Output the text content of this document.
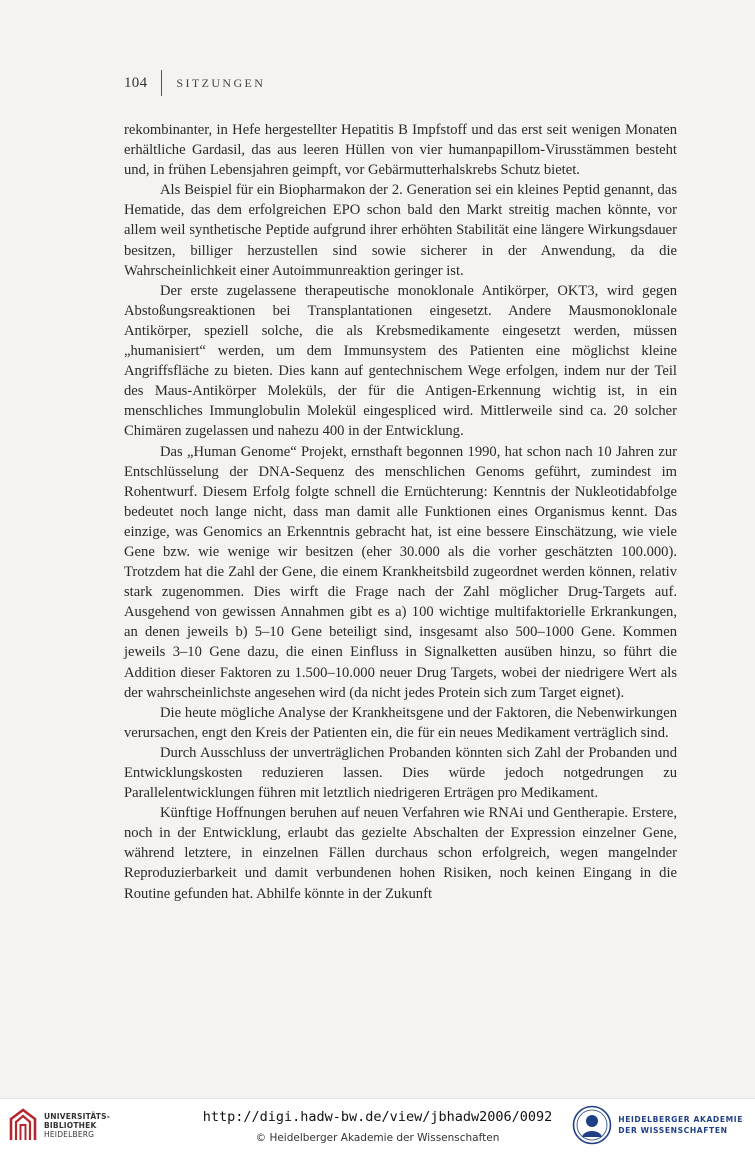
104 SITZUNGEN

rekombinanter, in Hefe hergestellter Hepatitis B Impfstoff und das erst seit wenigen Monaten erhältliche Gardasil, das aus leeren Hüllen von vier humanpapillom-Virusstämmen besteht und, in frühen Lebensjahren geimpft, vor Gebärmutterhalskrebs Schutz bietet.

Als Beispiel für ein Biopharmakon der 2. Generation sei ein kleines Peptid genannt, das Hematide, das dem erfolgreichen EPO schon bald den Markt streitig machen könnte, vor allem weil synthetische Peptide aufgrund ihrer erhöhten Stabilität eine längere Wirkungsdauer besitzen, billiger herzustellen sind sowie sicherer in der Anwendung, da die Wahrscheinlichkeit einer Autoimmunreaktion geringer ist.

Der erste zugelassene therapeutische monoklonale Antikörper, OKT3, wird gegen Abstoßungsreaktionen bei Transplantationen eingesetzt. Andere Mausmonoklonale Antikörper, speziell solche, die als Krebsmedikamente eingesetzt werden, müssen „humanisiert“ werden, um dem Immunsystem des Patienten eine möglichst kleine Angriffsfläche zu bieten. Dies kann auf gentechnischem Wege erfolgen, indem nur der Teil des Maus-Antikörper Moleküls, der für die Antigen-Erkennung wichtig ist, in ein menschliches Immunglobulin Molekül eingespliced wird. Mittlerweile sind ca. 20 solcher Chimären zugelassen und nahezu 400 in der Entwicklung.

Das „Human Genome“ Projekt, ernsthaft begonnen 1990, hat schon nach 10 Jahren zur Entschlüsselung der DNA-Sequenz des menschlichen Genoms geführt, zumindest im Rohentwurf. Diesem Erfolg folgte schnell die Ernüchterung: Kenntnis der Nukleotidabfolge bedeutet noch lange nicht, dass man damit alle Funktionen eines Organismus kennt. Das einzige, was Genomics an Erkenntnis gebracht hat, ist eine bessere Einschätzung, wie viele Gene bzw. wie wenige wir besitzen (eher 30.000 als die vorher geschätzten 100.000). Trotzdem hat die Zahl der Gene, die einem Krankheitsbild zugeordnet werden können, relativ stark zugenommen. Dies wirft die Frage nach der Zahl möglicher Drug-Targets auf. Ausgehend von gewissen Annahmen gibt es a) 100 wichtige multifaktorielle Erkrankungen, an denen jeweils b) 5–10 Gene beteiligt sind, insgesamt also 500–1000 Gene. Kommen jeweils 3–10 Gene dazu, die einen Einfluss in Signalketten ausüben hinzu, so führt die Addition dieser Faktoren zu 1.500–10.000 neuer Drug Targets, wobei der niedrigere Wert als der wahrscheinlichste angesehen wird (da nicht jedes Protein sich zum Target eignet).

Die heute mögliche Analyse der Krankheitsgene und der Faktoren, die Nebenwirkungen verursachen, engt den Kreis der Patienten ein, die für ein neues Medikament verträglich sind.

Durch Ausschluss der unverträglichen Probanden könnten sich Zahl der Probanden und Entwicklungskosten reduzieren lassen. Dies würde jedoch notgedrungen zu Parallelentwicklungen führen mit letztlich niedrigeren Erträgen pro Medikament.

Künftige Hoffnungen beruhen auf neuen Verfahren wie RNAi und Gentherapie. Erstere, noch in der Entwicklung, erlaubt das gezielte Abschalten der Expression einzelner Gene, während letztere, in einzelnen Fällen durchaus schon erfolgreich, wegen mangelnder Reproduzierbarkeit und damit verbundenen hohen Risiken, noch keinen Eingang in die Routine gefunden hat. Abhilfe könnte in der Zukunft

UNIVERSITÄTS-
BIBLIOTHEK
HEIDELBERG
http://digi.hadw-bw.de/view/jbhadw2006/0092
© Heidelberger Akademie der Wissenschaften
HEIDELBERGER AKADEMIE
DER WISSENSCHAFTEN
